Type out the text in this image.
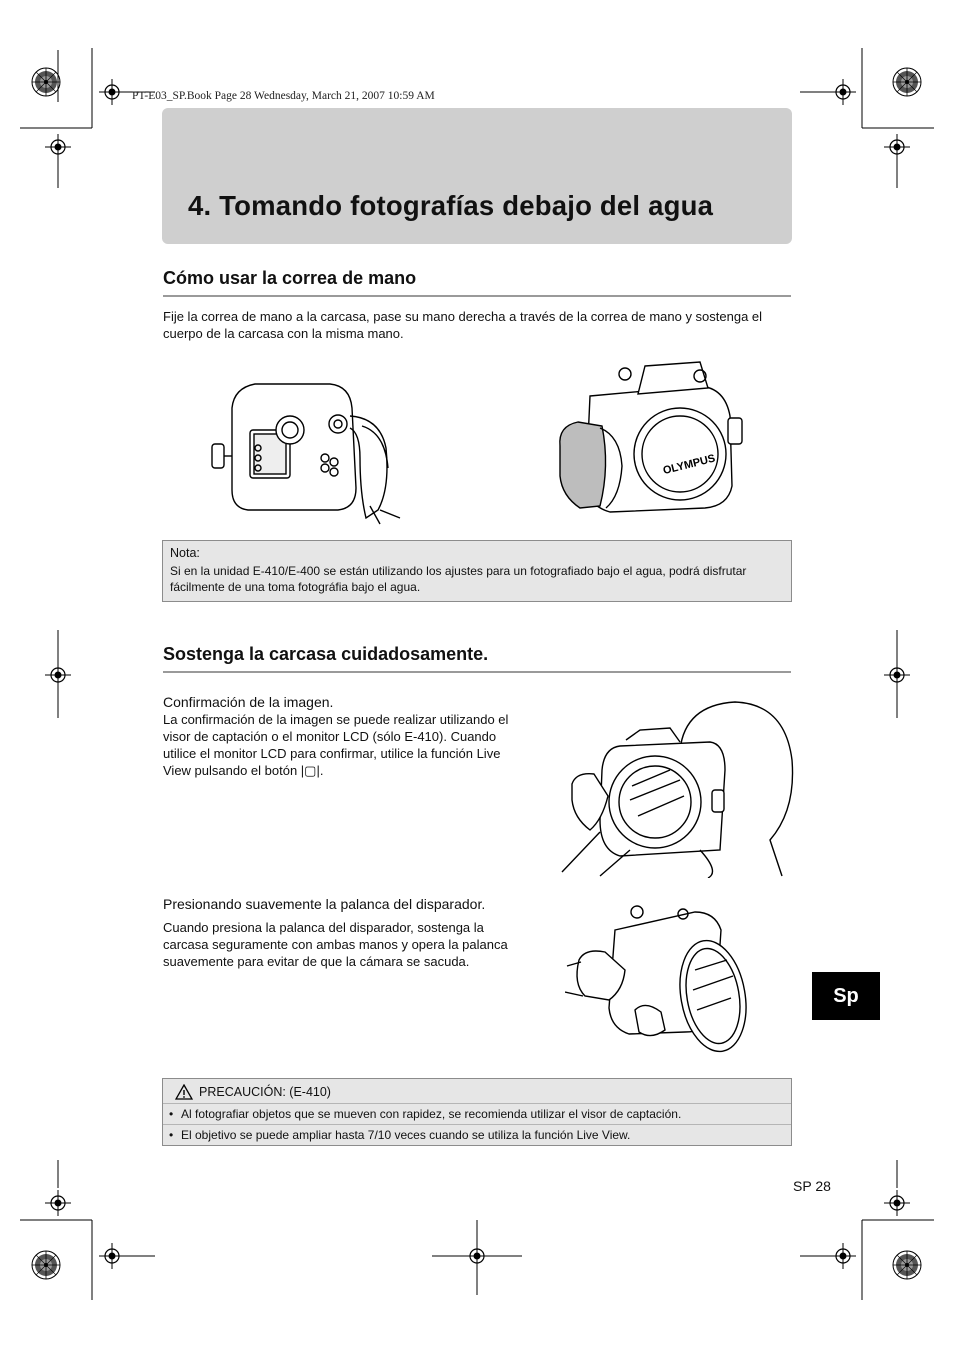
PT-E03_SP.Book Page 28 Wednesday, March 21, 2007 10:59 AM
4. Tomando fotografías debajo del agua
Cómo usar la correa de mano
Fije la correa de mano a la carcasa, pase su mano derecha a través de la correa de mano y sostenga el cuerpo de la carcasa con la misma mano.
OLYMPUS
Nota:
Si en la unidad E-410/E-400 se están utilizando los ajustes para un fotografiado bajo el agua, podrá disfrutar fácilmente de una toma fotográfia bajo el agua.
Sostenga la carcasa cuidadosamente.
Confirmación de la imagen.
La confirmación de la imagen se puede realizar utilizando el visor de captación o el monitor LCD (sólo E-410). Cuando utilice el monitor LCD para confirmar, utilice la función Live View pulsando el botón |▢|.
Presionando suavemente la palanca del disparador.
Cuando presiona la palanca del disparador, sostenga la carcasa seguramente con ambas manos y opera la palanca suavemente para evitar de que la cámara se sacuda.
PRECAUCIÓN: (E-410)
• Al fotografiar objetos que se mueven con rapidez, se recomienda utilizar el visor de captación.
• El objetivo se puede ampliar hasta 7/10 veces cuando se utiliza la función Live View.
Sp
SP 28
